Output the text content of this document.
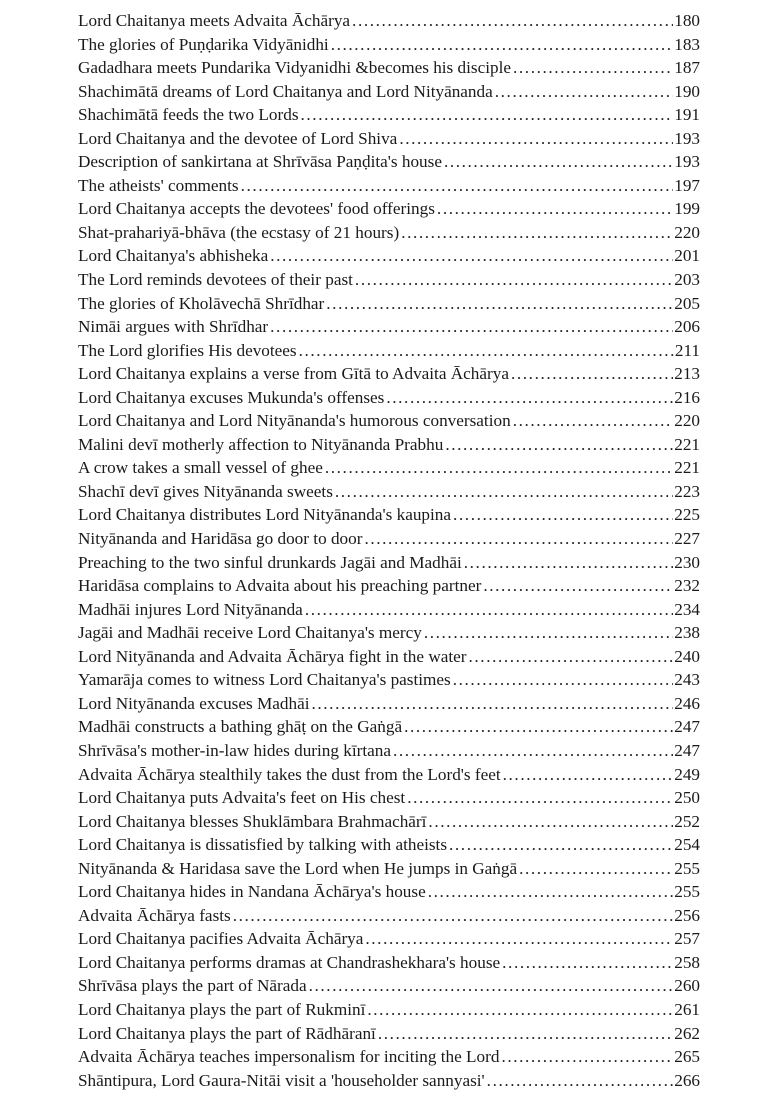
Lord Chaitanya meets Advaita Āchārya .....	180
The glories of Puṇḍarika Vidyānidhi .....	183
Gadadhara meets Pundarika Vidyanidhi &becomes his disciple .....	187
Shachimātā dreams of Lord Chaitanya and Lord Nityānanda .....	190
Shachimātā feeds the two Lords .....	191
Lord Chaitanya and the devotee of Lord Shiva .....	193
Description of sankirtana at Shrīvāsa Paṇḍita's house .....	193
The atheists' comments .....	197
Lord Chaitanya accepts the devotees' food offerings .....	199
Shat-prahariyā-bhāva (the ecstasy of 21 hours) .....	220
Lord Chaitanya's abhisheka .....	201
The Lord reminds devotees of their past .....	203
The glories of Kholāvechā Shrīdhar .....	205
Nimāi argues with Shrīdhar .....	206
The Lord glorifies His devotees .....	211
Lord Chaitanya explains a verse from Gītā to Advaita Āchārya .....	213
Lord Chaitanya excuses Mukunda's offenses .....	216
Lord Chaitanya and Lord Nityānanda's humorous conversation .....	220
Malini devī motherly affection to Nityānanda Prabhu .....	221
A crow takes a small vessel of ghee .....	221
Shachī devī gives Nityānanda sweets .....	223
Lord Chaitanya distributes Lord Nityānanda's kaupina .....	225
Nityānanda and Haridāsa go door to door .....	227
Preaching to the two sinful drunkards Jagāi and Madhāi .....	230
Haridāsa complains to Advaita about his preaching partner .....	232
Madhāi injures Lord Nityānanda .....	234
Jagāi and Madhāi receive Lord Chaitanya's mercy .....	238
Lord Nityānanda and Advaita Āchārya fight in the water .....	240
Yamarāja comes to witness Lord Chaitanya's pastimes .....	243
Lord Nityānanda excuses Madhāi .....	246
Madhāi constructs a bathing ghāṭ on the Gaṅgā .....	247
Shrīvāsa's mother-in-law hides during kīrtana .....	247
Advaita Āchārya stealthily takes the dust from the Lord's feet .....	249
Lord Chaitanya puts Advaita's feet on His chest .....	250
Lord Chaitanya blesses Shuklāmbara Brahmachārī .....	252
Lord Chaitanya is dissatisfied by talking with atheists .....	254
Nityānanda & Haridasa save the Lord when He jumps in Gaṅgā .....	255
Lord Chaitanya hides in Nandana Āchārya's house .....	255
Advaita Āchārya fasts .....	256
Lord Chaitanya pacifies Advaita Āchārya .....	257
Lord Chaitanya performs dramas at Chandrashekhara's house .....	258
Shrīvāsa plays the part of Nārada .....	260
Lord Chaitanya plays the part of Rukminī .....	261
Lord Chaitanya plays the part of Rādhāranī .....	262
Advaita Āchārya teaches impersonalism for inciting the Lord .....	265
Shāntipura, Lord Gaura-Nitāi visit a 'householder sannyasi' .....	266
